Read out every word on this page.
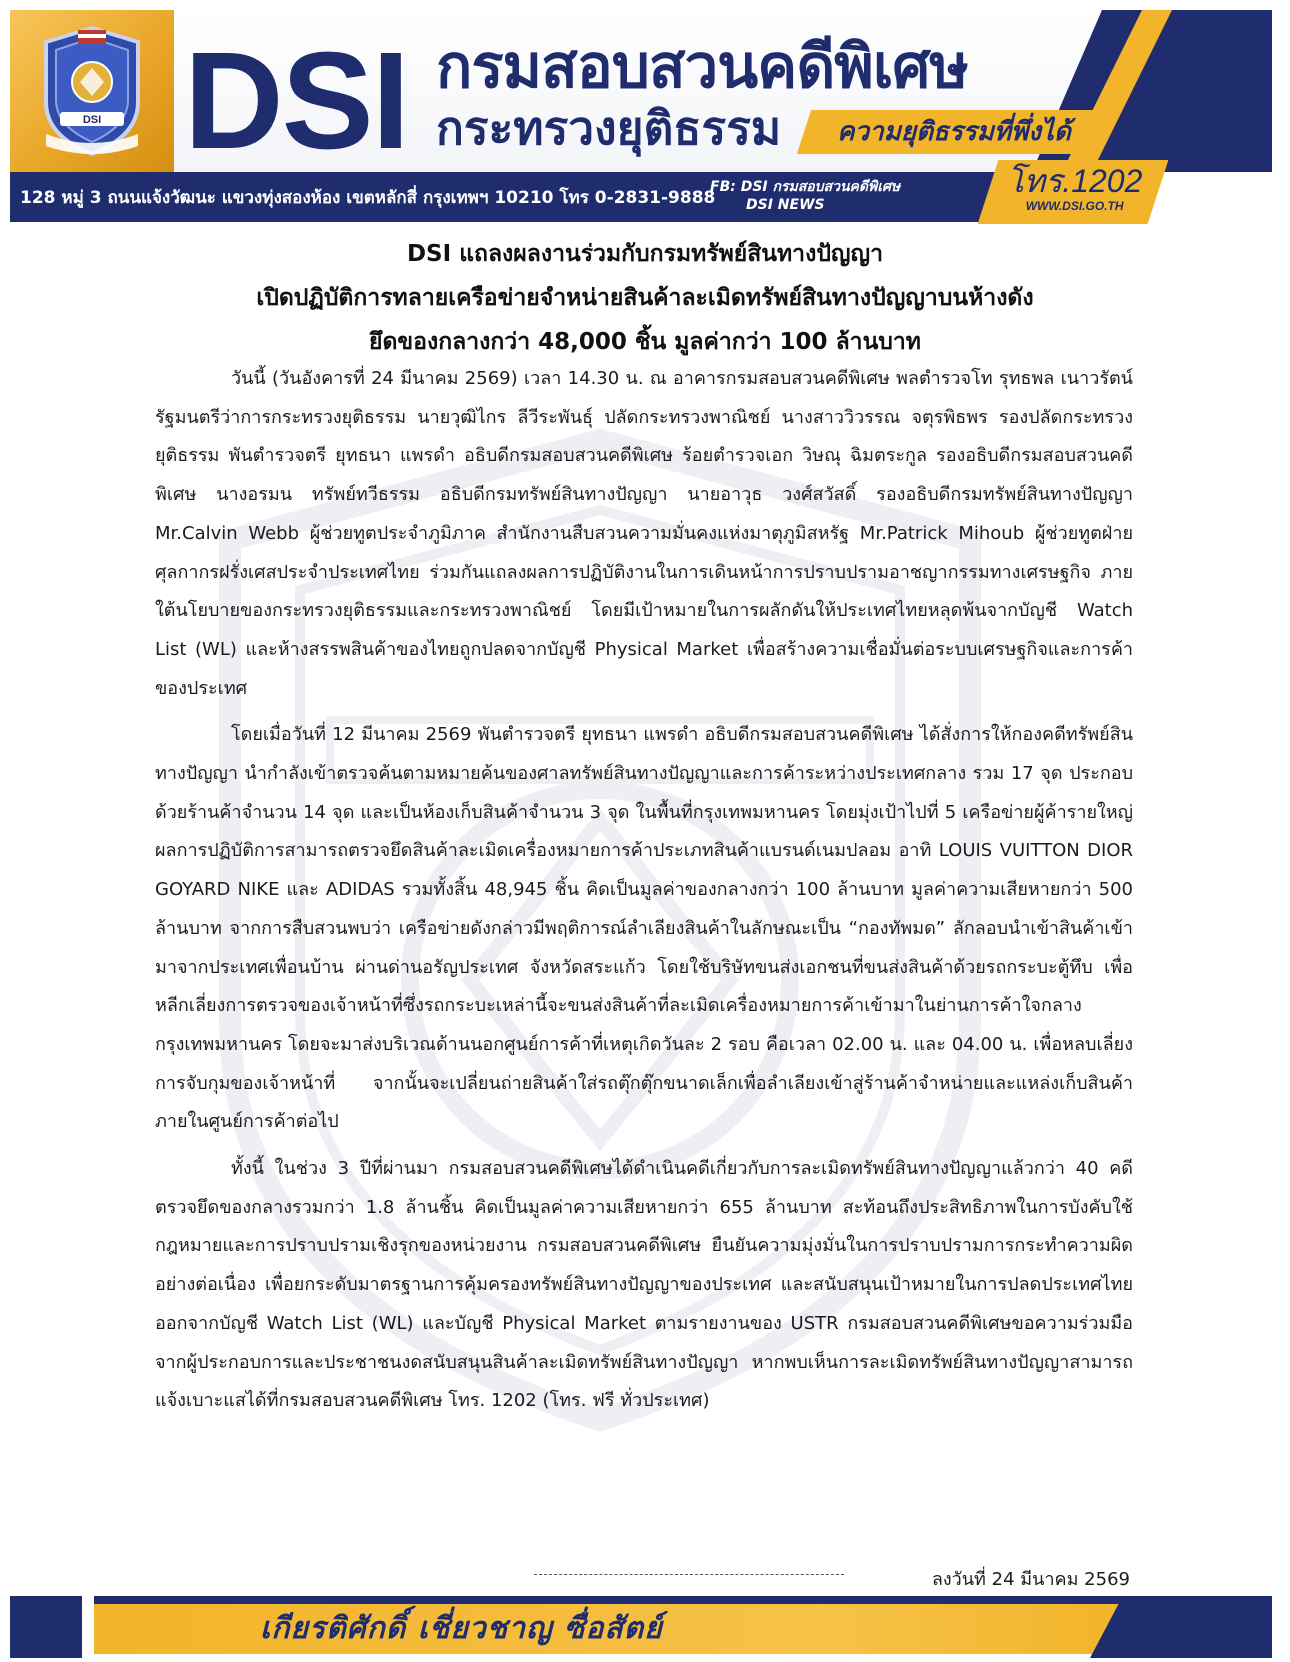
DSI DSI กรมสอบสวนคดีพิเศษ
กระทรวงยุติธรรม	ความยุติธรรมที่พึ่งได้
128 หมู่ 3 ถนนแจ้งวัฒนะ แขวงทุ่งสองห้อง เขตหลักสี่ กรุงเทพฯ 10210 โทร 0-2831-9888
FB: DSI กรมสอบสวนคดีพิเศษ
DSI NEWS
โทร.1202
WWW.DSI.GO.TH
DSI แถลงผลงานร่วมกับกรมทรัพย์สินทางปัญญา
เปิดปฏิบัติการทลายเครือข่ายจำหน่ายสินค้าละเมิดทรัพย์สินทางปัญญาบนห้างดัง
ยึดของกลางกว่า 48,000 ชิ้น มูลค่ากว่า 100 ล้านบาท

วันนี้ (วันอังคารที่ 24 มีนาคม 2569) เวลา 14.30 น. ณ อาคารกรมสอบสวนคดีพิเศษ พลตำรวจโท รุทธพล เนาวรัตน์ รัฐมนตรีว่าการกระทรวงยุติธรรม นายวุฒิไกร ลีวีระพันธุ์ ปลัดกระทรวงพาณิชย์ นางสาววิวรรณ จตุรพิธพร รองปลัดกระทรวงยุติธรรม พันตำรวจตรี ยุทธนา แพรดำ อธิบดีกรมสอบสวนคดีพิเศษ ร้อยตำรวจเอก วิษณุ ฉิมตระกูล รองอธิบดีกรมสอบสวนคดีพิเศษ นางอรมน ทรัพย์ทวีธรรม อธิบดีกรมทรัพย์สินทางปัญญา นายอาวุธ วงศ์สวัสดิ์ รองอธิบดีกรมทรัพย์สินทางปัญญา Mr.Calvin Webb ผู้ช่วยทูตประจำภูมิภาค สำนักงานสืบสวนความมั่นคงแห่งมาตุภูมิสหรัฐ Mr.Patrick Mihoub ผู้ช่วยทูตฝ่ายศุลกากรฝรั่งเศสประจำประเทศไทย ร่วมกันแถลงผลการปฏิบัติงานในการเดินหน้าการปราบปรามอาชญากรรมทางเศรษฐกิจ ภายใต้นโยบายของกระทรวงยุติธรรมและกระทรวงพาณิชย์ โดยมีเป้าหมายในการผลักดันให้ประเทศไทยหลุดพ้นจากบัญชี Watch List (WL) และห้างสรรพสินค้าของไทยถูกปลดจากบัญชี Physical Market เพื่อสร้างความเชื่อมั่นต่อระบบเศรษฐกิจและการค้าของประเทศ

โดยเมื่อวันที่ 12 มีนาคม 2569 พันตำรวจตรี ยุทธนา แพรดำ อธิบดีกรมสอบสวนคดีพิเศษ ได้สั่งการให้กองคดีทรัพย์สินทางปัญญา นำกำลังเข้าตรวจค้นตามหมายค้นของศาลทรัพย์สินทางปัญญาและการค้าระหว่างประเทศกลาง รวม 17 จุด ประกอบด้วยร้านค้าจำนวน 14 จุด และเป็นห้องเก็บสินค้าจำนวน 3 จุด ในพื้นที่กรุงเทพมหานคร โดยมุ่งเป้าไปที่ 5 เครือข่ายผู้ค้ารายใหญ่ ผลการปฏิบัติการสามารถตรวจยึดสินค้าละเมิดเครื่องหมายการค้าประเภทสินค้าแบรนด์เนมปลอม อาทิ LOUIS VUITTON DIOR GOYARD NIKE และ ADIDAS รวมทั้งสิ้น 48,945 ชิ้น คิดเป็นมูลค่าของกลางกว่า 100 ล้านบาท มูลค่าความเสียหายกว่า 500 ล้านบาท จากการสืบสวนพบว่า เครือข่ายดังกล่าวมีพฤติการณ์ลำเลียงสินค้าในลักษณะเป็น “กองทัพมด” ลักลอบนำเข้าสินค้าเข้ามาจากประเทศเพื่อนบ้าน ผ่านด่านอรัญประเทศ จังหวัดสระแก้ว โดยใช้บริษัทขนส่งเอกชนที่ขนส่งสินค้าด้วยรถกระบะตู้ทึบ เพื่อหลีกเลี่ยงการตรวจของเจ้าหน้าที่ซึ่งรถกระบะเหล่านี้จะขนส่งสินค้าที่ละเมิดเครื่องหมายการค้าเข้ามาในย่านการค้าใจกลางกรุงเทพมหานคร โดยจะมาส่งบริเวณด้านนอกศูนย์การค้าที่เหตุเกิดวันละ 2 รอบ คือเวลา 02.00 น. และ 04.00 น. เพื่อหลบเลี่ยงการจับกุมของเจ้าหน้าที่ จากนั้นจะเปลี่ยนถ่ายสินค้าใส่รถตุ๊กตุ๊กขนาดเล็กเพื่อลำเลียงเข้าสู่ร้านค้าจำหน่ายและแหล่งเก็บสินค้าภายในศูนย์การค้าต่อไป

ทั้งนี้ ในช่วง 3 ปีที่ผ่านมา กรมสอบสวนคดีพิเศษได้ดำเนินคดีเกี่ยวกับการละเมิดทรัพย์สินทางปัญญาแล้วกว่า 40 คดี ตรวจยึดของกลางรวมกว่า 1.8 ล้านชิ้น คิดเป็นมูลค่าความเสียหายกว่า 655 ล้านบาท สะท้อนถึงประสิทธิภาพในการบังคับใช้กฎหมายและการปราบปรามเชิงรุกของหน่วยงาน กรมสอบสวนคดีพิเศษ ยืนยันความมุ่งมั่นในการปราบปรามการกระทำความผิดอย่างต่อเนื่อง เพื่อยกระดับมาตรฐานการคุ้มครองทรัพย์สินทางปัญญาของประเทศ และสนับสนุนเป้าหมายในการปลดประเทศไทยออกจากบัญชี Watch List (WL) และบัญชี Physical Market ตามรายงานของ USTR กรมสอบสวนคดีพิเศษขอความร่วมมือจากผู้ประกอบการและประชาชนงดสนับสนุนสินค้าละเมิดทรัพย์สินทางปัญญา หากพบเห็นการละเมิดทรัพย์สินทางปัญญาสามารถแจ้งเบาะแสได้ที่กรมสอบสวนคดีพิเศษ โทร. 1202 (โทร. ฟรี ทั่วประเทศ)

ลงวันที่ 24 มีนาคม 2569
เกียรติศักดิ์ เชี่ยวชาญ ซื่อสัตย์
